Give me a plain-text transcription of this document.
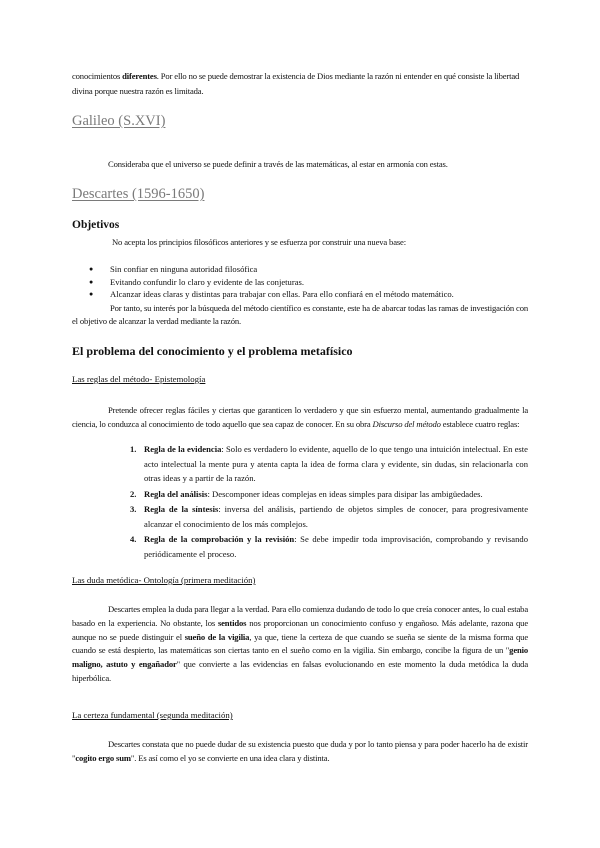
conocimientos diferentes. Por ello no se puede demostrar la existencia de Dios mediante la razón ni entender en qué consiste la libertad divina porque nuestra razón es limitada.
Galileo (S.XVI)
Consideraba que el universo se puede definir a través de las matemáticas, al estar en armonía con estas.
Descartes (1596-1650)
Objetivos
No acepta los principios filosóficos anteriores y se esfuerza por construir una nueva base:
● Sin confiar en ninguna autoridad filosófica
● Evitando confundir lo claro y evidente de las conjeturas.
● Alcanzar ideas claras y distintas para trabajar con ellas. Para ello confiará en el método matemático.
Por tanto, su interés por la búsqueda del método científico es constante, este ha de abarcar todas las ramas de investigación con el objetivo de alcanzar la verdad mediante la razón.
El problema del conocimiento y el problema metafísico
Las reglas del método- Epistemología
Pretende ofrecer reglas fáciles y ciertas que garanticen lo verdadero y que sin esfuerzo mental, aumentando gradualmente la ciencia, lo conduzca al conocimiento de todo aquello que sea capaz de conocer. En su obra Discurso del método establece cuatro reglas:
1. Regla de la evidencia: Solo es verdadero lo evidente, aquello de lo que tengo una intuición intelectual. En este acto intelectual la mente pura y atenta capta la idea de forma clara y evidente, sin dudas, sin relacionarla con otras ideas y a partir de la razón.
2. Regla del análisis: Descomponer ideas complejas en ideas simples para disipar las ambigüedades.
3. Regla de la síntesis: inversa del análisis, partiendo de objetos simples de conocer, para progresivamente alcanzar el conocimiento de los más complejos.
4. Regla de la comprobación y la revisión: Se debe impedir toda improvisación, comprobando y revisando periódicamente el proceso.
Las duda metódica- Ontología (primera meditación)
Descartes emplea la duda para llegar a la verdad. Para ello comienza dudando de todo lo que creía conocer antes, lo cual estaba basado en la experiencia. No obstante, los sentidos nos proporcionan un conocimiento confuso y engañoso. Más adelante, razona que aunque no se puede distinguir el sueño de la vigilia, ya que, tiene la certeza de que cuando se sueña se siente de la misma forma que cuando se está despierto, las matemáticas son ciertas tanto en el sueño como en la vigilia. Sin embargo, concibe la figura de un "genio maligno, astuto y engañador" que convierte a las evidencias en falsas evolucionando en este momento la duda metódica la duda hiperbólica.
La certeza fundamental (segunda meditación)
Descartes constata que no puede dudar de su existencia puesto que duda y por lo tanto piensa y para poder hacerlo ha de existir "cogito ergo sum". Es así como el yo se convierte en una idea clara y distinta.
